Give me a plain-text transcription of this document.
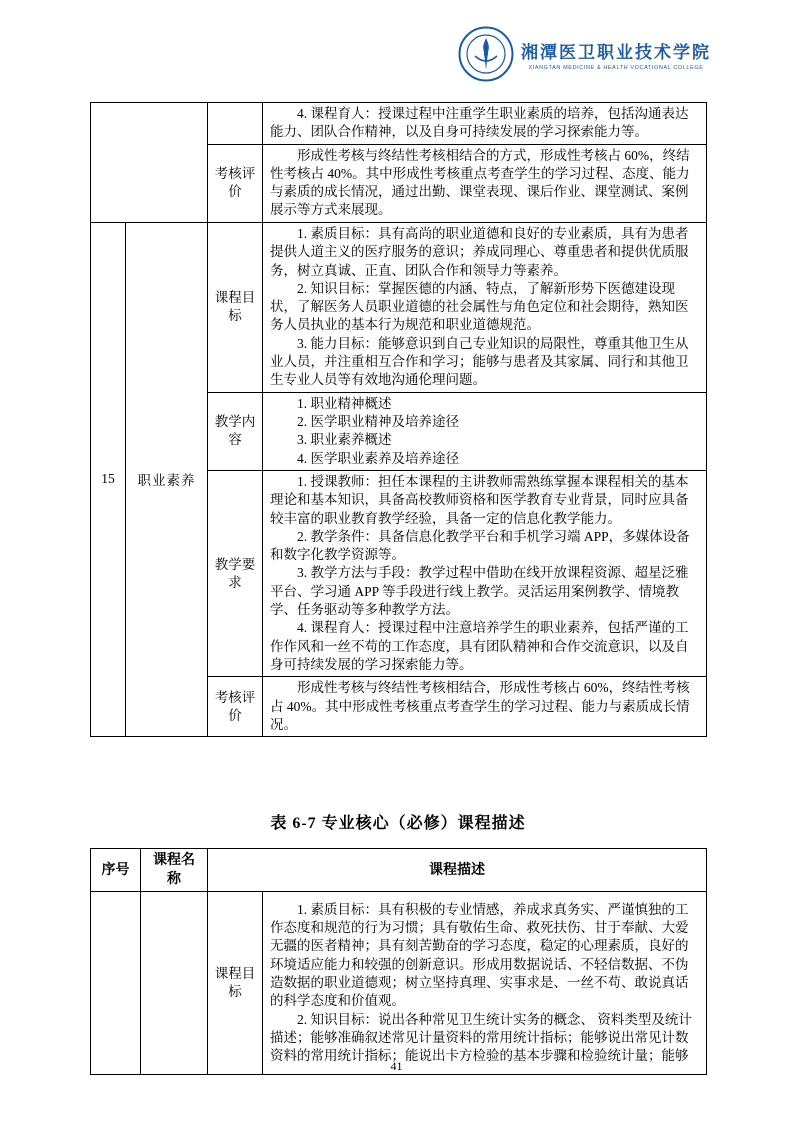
湘潭医卫职业技术学院
XIANGTAN MEDICINE & HEALTH VOCATIONAL COLLEGE

			4. 课程育人：授课过程中注重学生职业素质的培养，包括沟通表达能力、团队合作精神，以及自身可持续发展的学习探索能力等。

		考核评价	形成性考核与终结性考核相结合的方式，形成性考核占 60%，终结性考核占 40%。其中形成性考核重点考查学生的学习过程、态度、能力与素质的成长情况，通过出勤、课堂表现、课后作业、课堂测试、案例展示等方式来展现。

15	职业素养	课程目标	1. 素质目标：具有高尚的职业道德和良好的专业素质，具有为患者提供人道主义的医疗服务的意识；养成同理心、尊重患者和提供优质服务，树立真诚、正直、团队合作和领导力等素养。

2. 知识目标：掌握医德的内涵、特点，了解新形势下医德建设现状，了解医务人员职业道德的社会属性与角色定位和社会期待，熟知医务人员执业的基本行为规范和职业道德规范。

3. 能力目标：能够意识到自己专业知识的局限性，尊重其他卫生从业人员，并注重相互合作和学习；能够与患者及其家属、同行和其他卫生专业人员等有效地沟通伦理问题。

		教学内容	1. 职业精神概述

2. 医学职业精神及培养途径

3. 职业素养概述

4. 医学职业素养及培养途径

		教学要求	1. 授课教师：担任本课程的主讲教师需熟练掌握本课程相关的基本理论和基本知识，具备高校教师资格和医学教育专业背景，同时应具备较丰富的职业教育教学经验，具备一定的信息化教学能力。

2. 教学条件：具备信息化教学平台和手机学习端 APP，多媒体设备和数字化教学资源等。

3. 教学方法与手段：教学过程中借助在线开放课程资源、超星泛雅平台、学习通 APP 等手段进行线上教学。灵活运用案例教学、情境教学、任务驱动等多种教学方法。

4. 课程育人：授课过程中注意培养学生的职业素养，包括严谨的工作作风和一丝不苟的工作态度，具有团队精神和合作交流意识，以及自身可持续发展的学习探索能力等。

		考核评价	形成性考核与终结性考核相结合，形成性考核占 60%，终结性考核占 40%。其中形成性考核重点考查学生的学习过程、能力与素质成长情况。

表 6-7 专业核心（必修）课程描述
序号	课程名称	课程描述	
		课程目标	1. 素质目标：具有积极的专业情感，养成求真务实、严谨慎独的工作态度和规范的行为习惯；具有敬佑生命、救死扶伤、甘于奉献、大爱无疆的医者精神；具有刻苦勤奋的学习态度，稳定的心理素质，良好的环境适应能力和较强的创新意识。形成用数据说话、不轻信数据、不伪造数据的职业道德观；树立坚持真理、实事求是、一丝不苟、敢说真话的科学态度和价值观。

2. 知识目标：说出各种常见卫生统计实务的概念、 资料类型及统计描述；能够准确叙述常见计量资料的常用统计指标；能够说出常见计数资料的常用统计指标；能说出卡方检验的基本步骤和检验统计量；能够

41
